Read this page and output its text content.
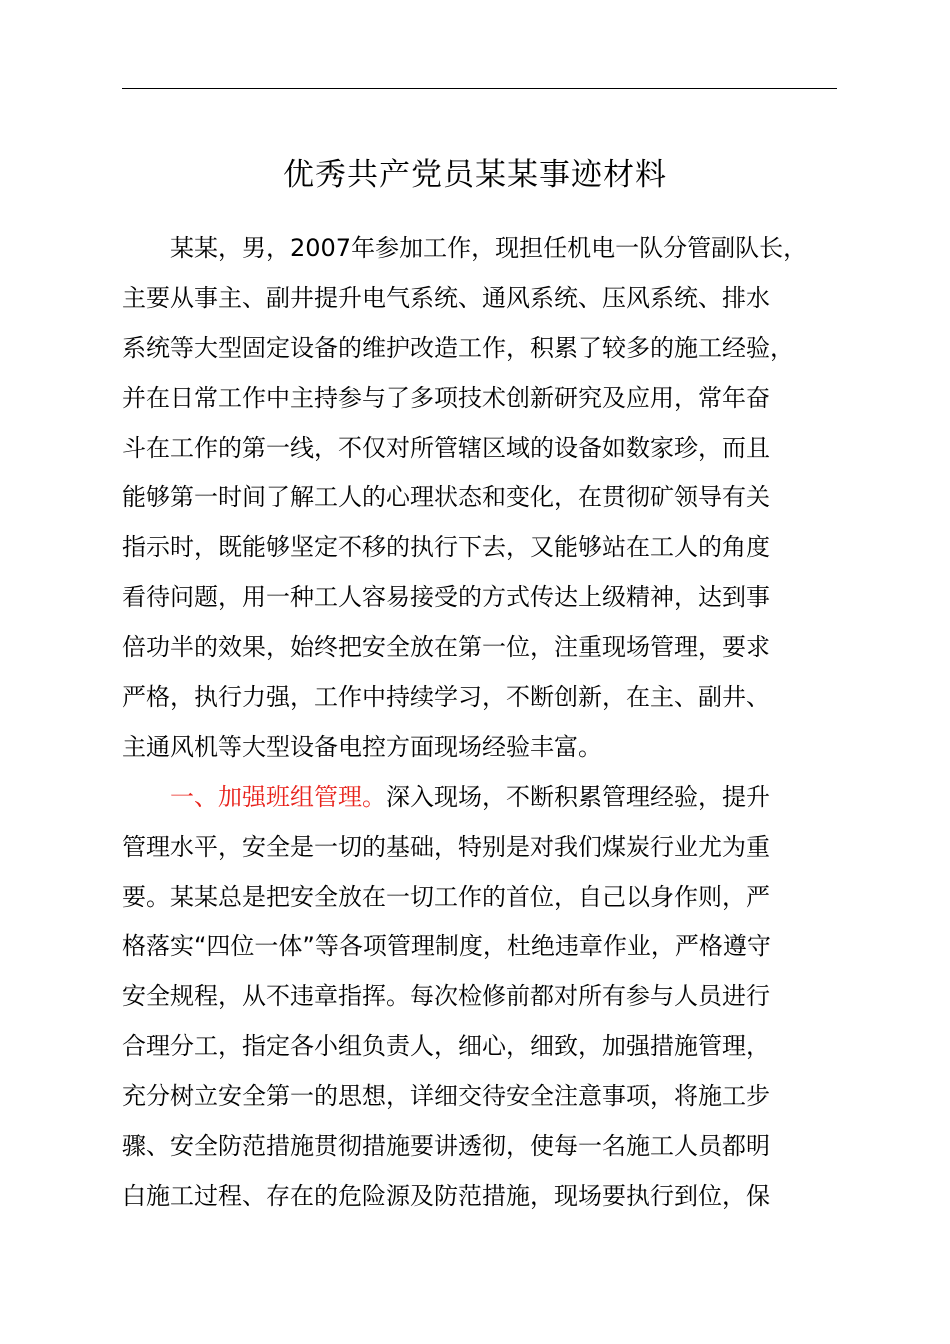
优秀共产党员某某事迹材料
　　某某，男，2007年参加工作，现担任机电一队分管副队长，
主要从事主、副井提升电气系统、通风系统、压风系统、排水
系统等大型固定设备的维护改造工作，积累了较多的施工经验，
并在日常工作中主持参与了多项技术创新研究及应用，常年奋
斗在工作的第一线，不仅对所管辖区域的设备如数家珍，而且
能够第一时间了解工人的心理状态和变化，在贯彻矿领导有关
指示时，既能够坚定不移的执行下去，又能够站在工人的角度
看待问题，用一种工人容易接受的方式传达上级精神，达到事
倍功半的效果，始终把安全放在第一位，注重现场管理，要求
严格，执行力强，工作中持续学习，不断创新，在主、副井、
主通风机等大型设备电控方面现场经验丰富。
　　一、加强班组管理。深入现场，不断积累管理经验，提升
管理水平，安全是一切的基础，特别是对我们煤炭行业尤为重
要。某某总是把安全放在一切工作的首位，自己以身作则，严
格落实“四位一体”等各项管理制度，杜绝违章作业，严格遵守
安全规程，从不违章指挥。每次检修前都对所有参与人员进行
合理分工，指定各小组负责人，细心，细致，加强措施管理，
充分树立安全第一的思想，详细交待安全注意事项，将施工步
骤、安全防范措施贯彻措施要讲透彻，使每一名施工人员都明
白施工过程、存在的危险源及防范措施，现场要执行到位，保
